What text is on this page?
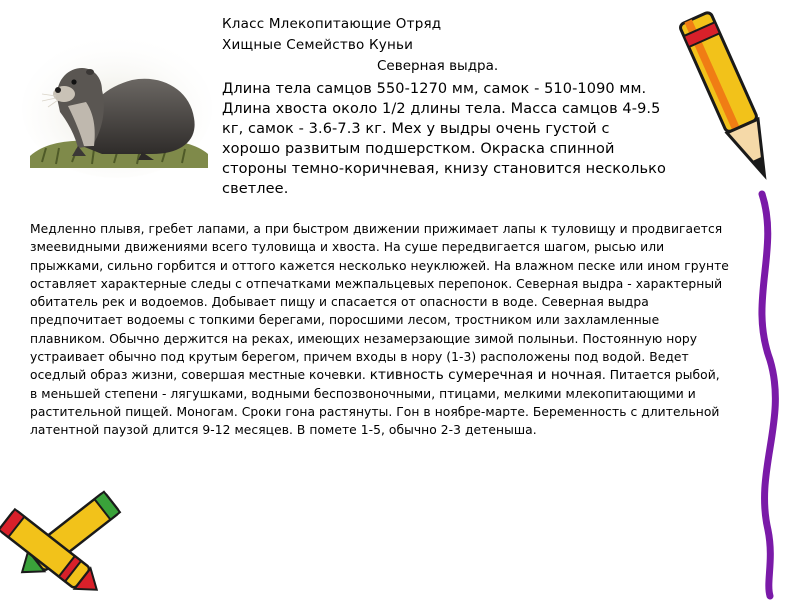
Класс Млекопитающие Отряд
Хищные Семейство Куньи
Северная выдра.
Длина тела самцов 550-1270 мм, самок - 510-1090 мм. Длина хвоста около 1/2 длины тела. Масса самцов 4-9.5 кг, самок - 3.6-7.3 кг. Мех у выдры очень густой с хорошо развитым подшерстком. Окраска спинной стороны темно-коричневая, книзу становится несколько светлее.
Медленно плывя, гребет лапами, а при быстром движении прижимает лапы к туловищу и продвигается змеевидными движениями всего туловища и хвоста. На суше передвигается шагом, рысью или прыжками, сильно горбится и оттого кажется несколько неуклюжей. На влажном песке или ином грунте оставляет характерные следы с отпечатками межпальцевых перепонок. Северная выдра - характерный обитатель рек и водоемов. Добывает пищу и спасается от опасности в воде. Северная выдра предпочитает водоемы с топкими берегами, поросшими лесом, тростником или захламленные плавником. Обычно держится на реках, имеющих незамерзающие зимой полыньи. Постоянную нору устраивает обычно под крутым берегом, причем входы в нору (1-3) расположены под водой. Ведет оседлый образ жизни, совершая местные кочевки. ктивность сумеречная и ночная. Питается рыбой, в меньшей степени - лягушками, водными беспозвоночными, птицами, мелкими млекопитающими и растительной пищей. Моногам. Сроки гона растянуты. Гон в ноябре-марте. Беременность с длительной латентной паузой длится 9-12 месяцев. В помете 1-5, обычно 2-3 детеныша.
